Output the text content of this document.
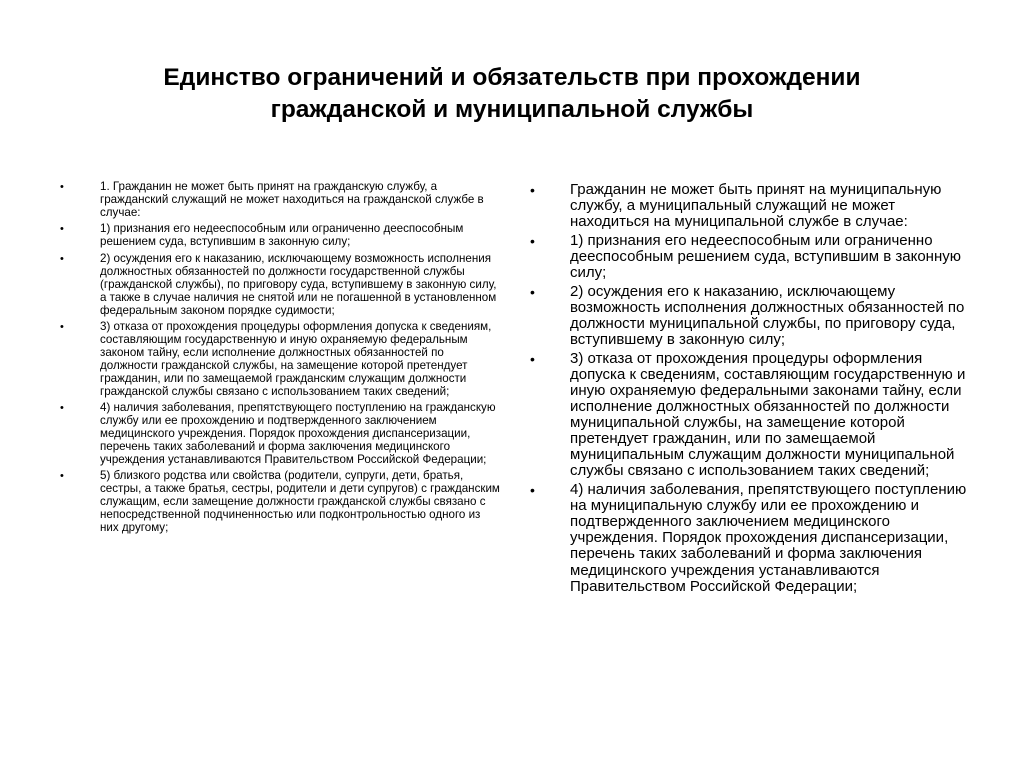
Единство ограничений и обязательств при прохождении
гражданской и муниципальной службы
•	1. Гражданин не может быть принят на гражданскую службу, а гражданский служащий не может находиться на гражданской службе в случае:
•	1) признания его недееспособным или ограниченно дееспособным решением суда, вступившим в законную силу;
•	2) осуждения его к наказанию, исключающему возможность исполнения должностных обязанностей по должности государственной службы (гражданской службы), по приговору суда, вступившему в законную силу, а также в случае наличия не снятой или не погашенной в установленном федеральным законом порядке судимости;
•	3) отказа от прохождения процедуры оформления допуска к сведениям, составляющим государственную и иную охраняемую федеральным законом тайну, если исполнение должностных обязанностей по должности гражданской службы, на замещение которой претендует гражданин, или по замещаемой гражданским служащим должности гражданской службы связано с использованием таких сведений;
•	4) наличия заболевания, препятствующего поступлению на гражданскую службу или ее прохождению и подтвержденного заключением медицинского учреждения. Порядок прохождения диспансеризации, перечень таких заболеваний и форма заключения медицинского учреждения устанавливаются Правительством Российской Федерации;
•	5) близкого родства или свойства (родители, супруги, дети, братья, сестры, а также братья, сестры, родители и дети супругов) с гражданским служащим, если замещение должности гражданской службы связано с непосредственной подчиненностью или подконтрольностью одного из них другому;
• Гражданин не может быть принят на муниципальную службу, а муниципальный служащий не может находиться на муниципальной службе в случае:
• 1) признания его недееспособным или ограниченно дееспособным решением суда, вступившим в законную силу;
• 2) осуждения его к наказанию, исключающему возможность исполнения должностных обязанностей по должности муниципальной службы, по приговору суда, вступившему в законную силу;
• 3) отказа от прохождения процедуры оформления допуска к сведениям, составляющим государственную и иную охраняемую федеральными законами тайну, если исполнение должностных обязанностей по должности муниципальной службы, на замещение которой претендует гражданин, или по замещаемой муниципальным служащим должности муниципальной службы связано с использованием таких сведений;
• 4) наличия заболевания, препятствующего поступлению на муниципальную службу или ее прохождению и подтвержденного заключением медицинского учреждения. Порядок прохождения диспансеризации, перечень таких заболеваний и форма заключения медицинского учреждения устанавливаются Правительством Российской Федерации;
